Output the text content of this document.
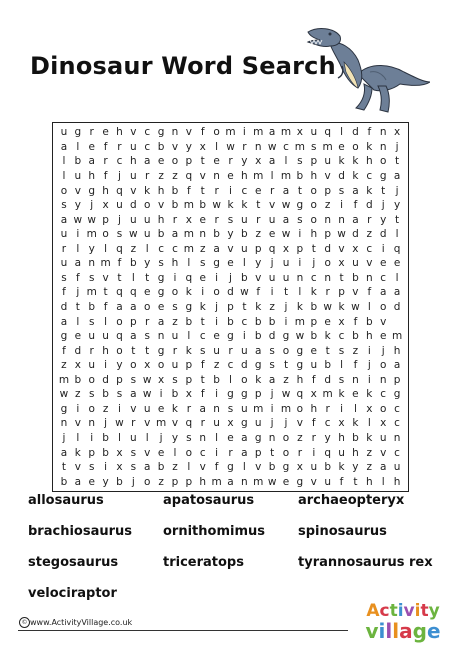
Dinosaur Word Search
u g r e h v c g n v f o m i m a m x u q l d f n x
a l e f r u c b v y x l w r n w c m s m e o k n j
l b a r c h a e o p t e r y x a l s p u k k h o t
l u h f	j u r z z q v n e h m l m b h v d k c g a
o v g h q v k h b f t r i c e r a t o p s a k t j
s y j x u d o v b m b w k k t v w g o z i	f d j y
a w w p j u u h r x e r s u r u a s o n n a r y t
u i m o s w u b a m n b y b z e w i h p w d z d l
r l y l q z l c c m z a v u p q x p t d v x c i q
u a n m f b y s h l s g e l y j u i	j o x u v e e
s f s v t l t g i q e i	j b v u u n c n t b n c l
f	j m t q q e g o k i o d w f	i t l k r p v f a a
d t b f a a o e s g k j p t k z j k b w k w l o d
a l s l o p r a z b t i b c b b i m p e x f b v
g e u u q a s n u l c e g i b d g w b k c b h e m
f d r h o t t g r k s u r u a s o g e t s z i	j h
z x u i y o x o u p f z c d g s t g u b l	f	j o a
m b o d p s w x s p t b l o k a z h f d s n i n p
w z s b s a w i b x f	i g g p j w q x m k e k c g
g i o z i v u e k r a n s u m i m o h r i	l x o c
n v n j w r v m v q r u x g u j	j v f c x k l x c
j	l	i b l u l	j y s n l e a g n o z r y h b k u n
a k p b x s v e l o c i r a p t o r i q u h z v c
t v s i x s a b z l v f g l v b g x u b k y z a u
b a e y b j o z p p h m a n m w e g v u f t h l h
allosaurus	apatosaurus	archaeopteryx
brachiosaurus	ornithomimus	spinosaurus
stegosaurus	triceratops	tyrannosaurus rex
velociraptor
© www.ActivityVillage.co.uk
Activity
village
